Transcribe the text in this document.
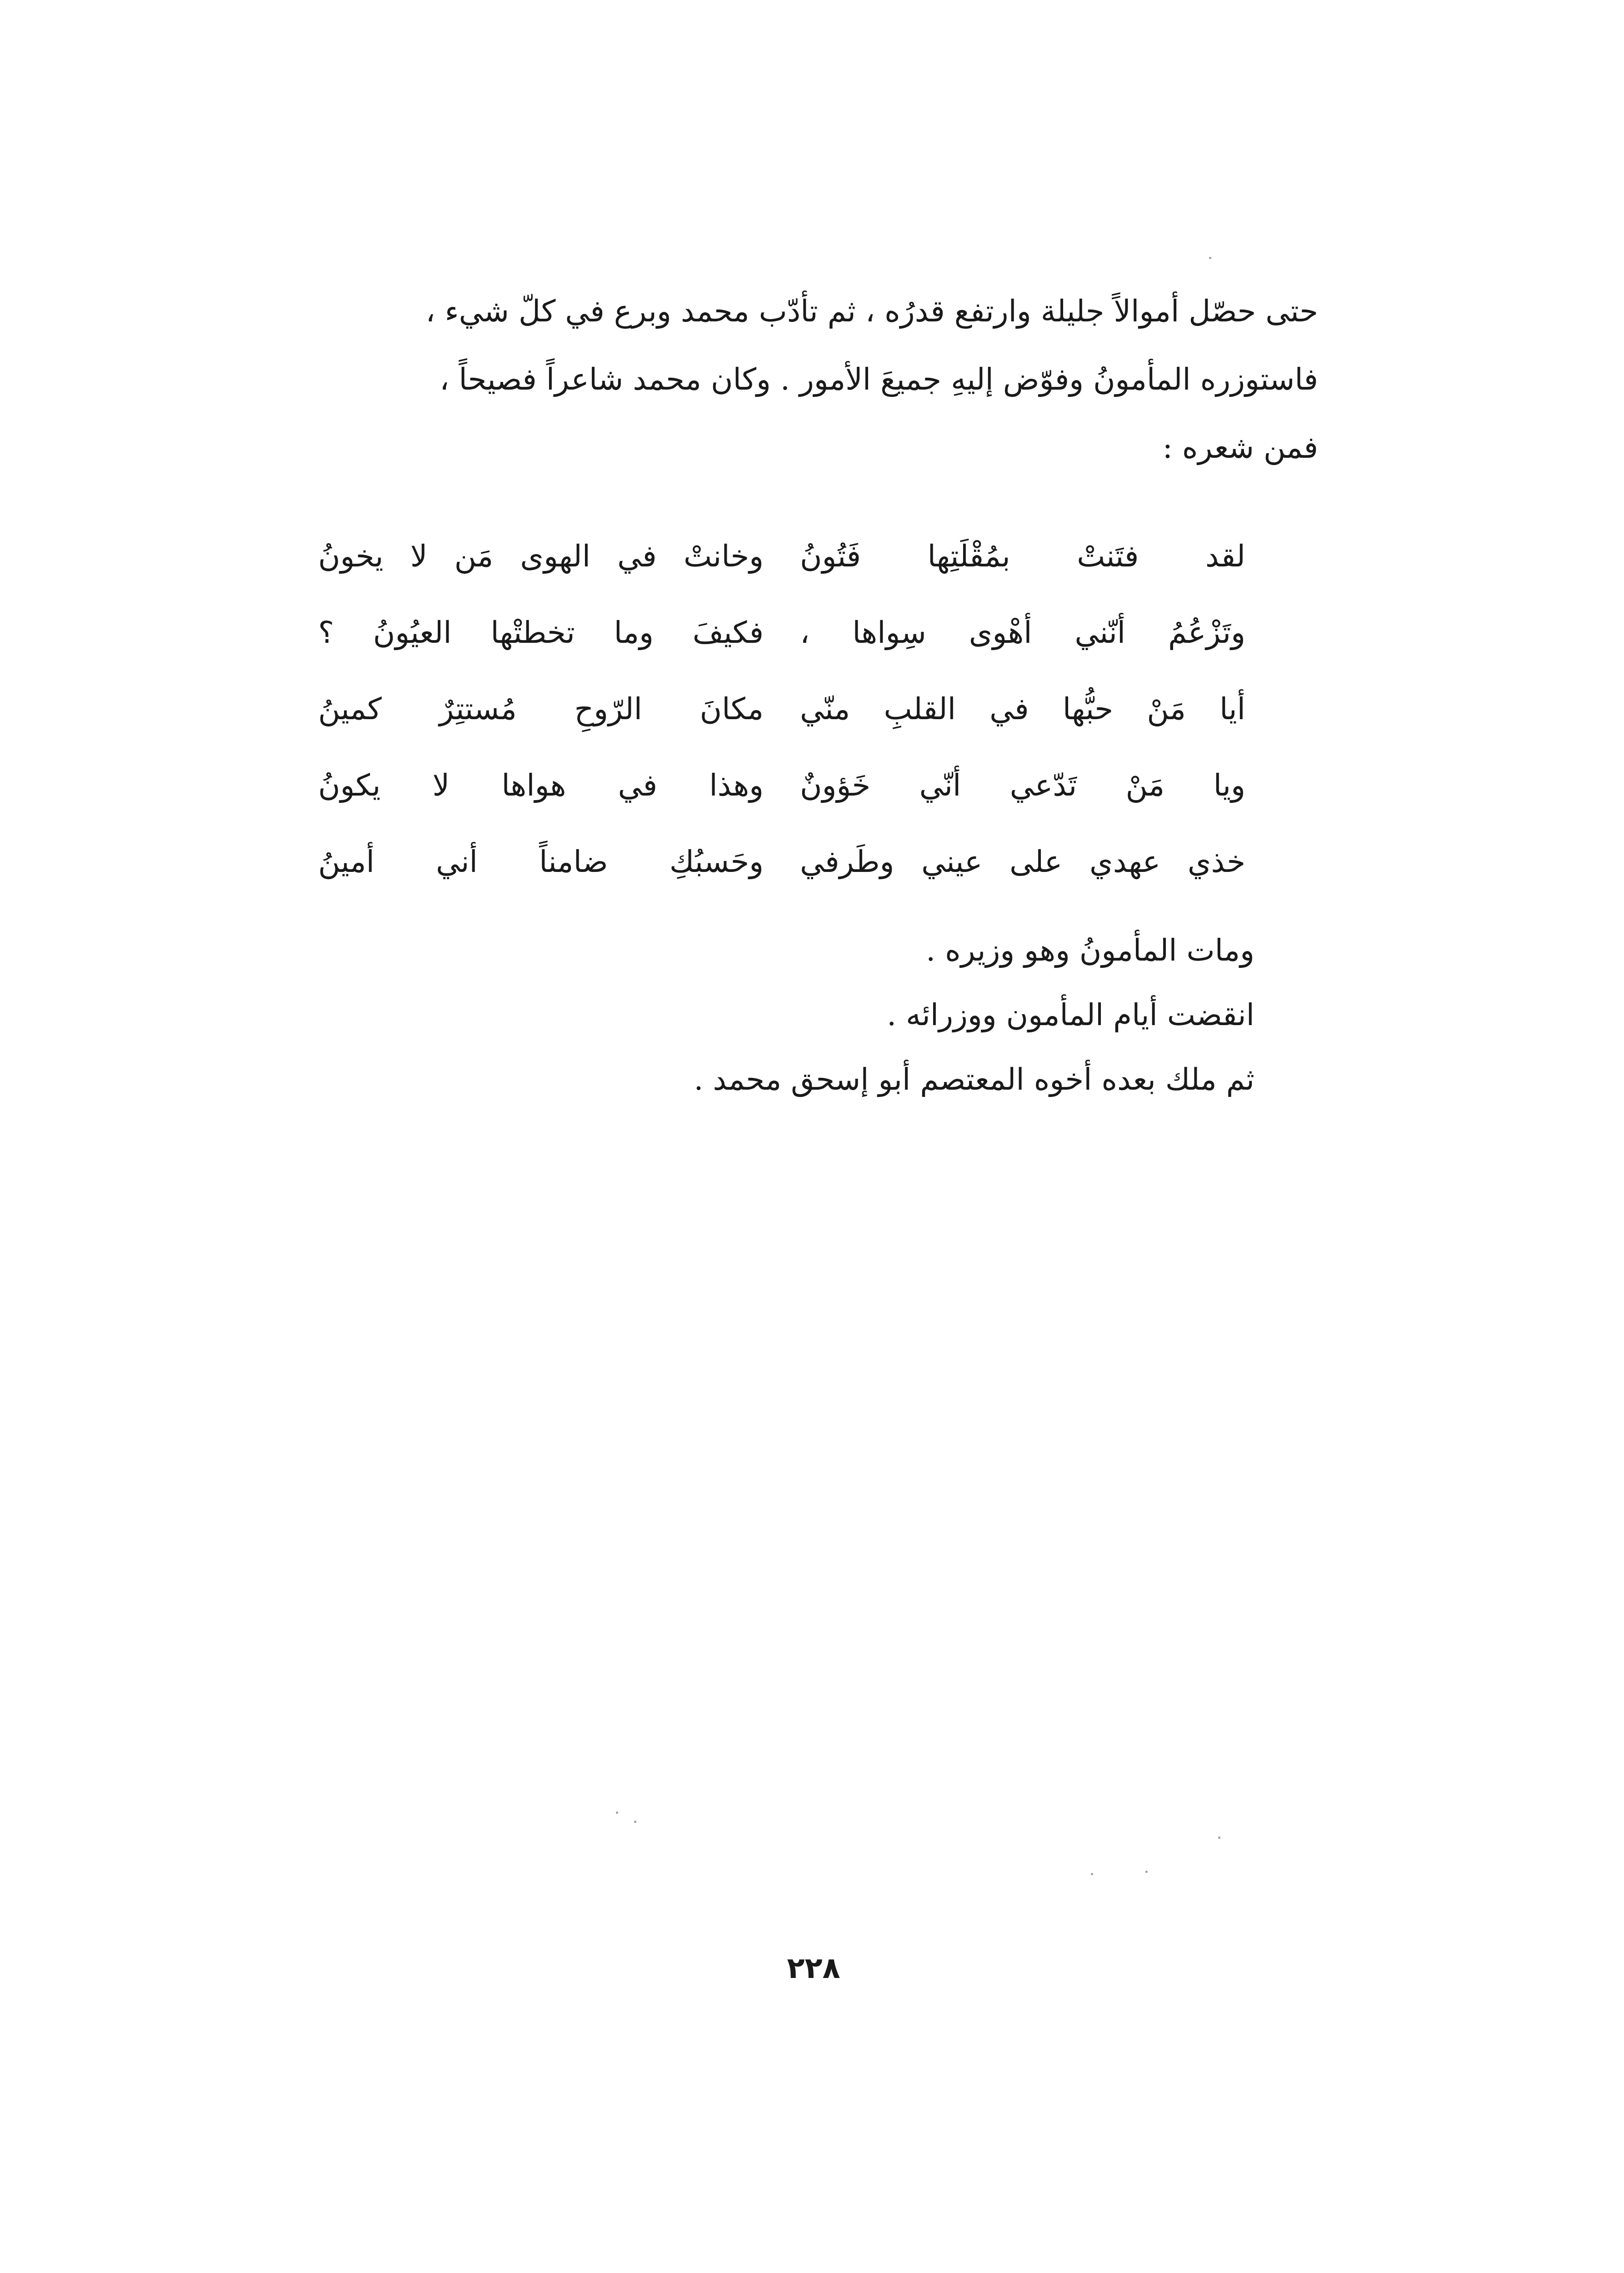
حتى حصّل أموالاً جليلة وارتفع قدرُه ، ثم تأدّب محمد وبرع في كلّ شيء ،

فاستوزره المأمونُ وفوّض إليهِ جميعَ الأمور . وكان محمد شاعراً فصيحاً ،

فمن شعره :

لقد فتَنتْ بمُقْلَتِها فَتُونُ
وخانتْ في الهوى مَن لا يخونُ
وتَزْعُمُ أنّني أهْوى سِواها ،
فكيفَ وما تخطتْها العيُونُ ؟
أيا مَنْ حبُّها في القلبِ منّي
مكانَ الرّوحِ مُستتِرٌ كمينُ
ويا مَنْ تَدّعي أنّي خَؤونٌ
وهذا في هواها لا يكونُ
خذي عهدي على عيني وطَرفي
وحَسبُكِ ضامناً أني أمينُ

ومات المأمونُ وهو وزيره .

انقضت أيام المأمون ووزرائه .

ثم ملك بعده أخوه المعتصم أبو إسحق محمد .

٢٢٨
